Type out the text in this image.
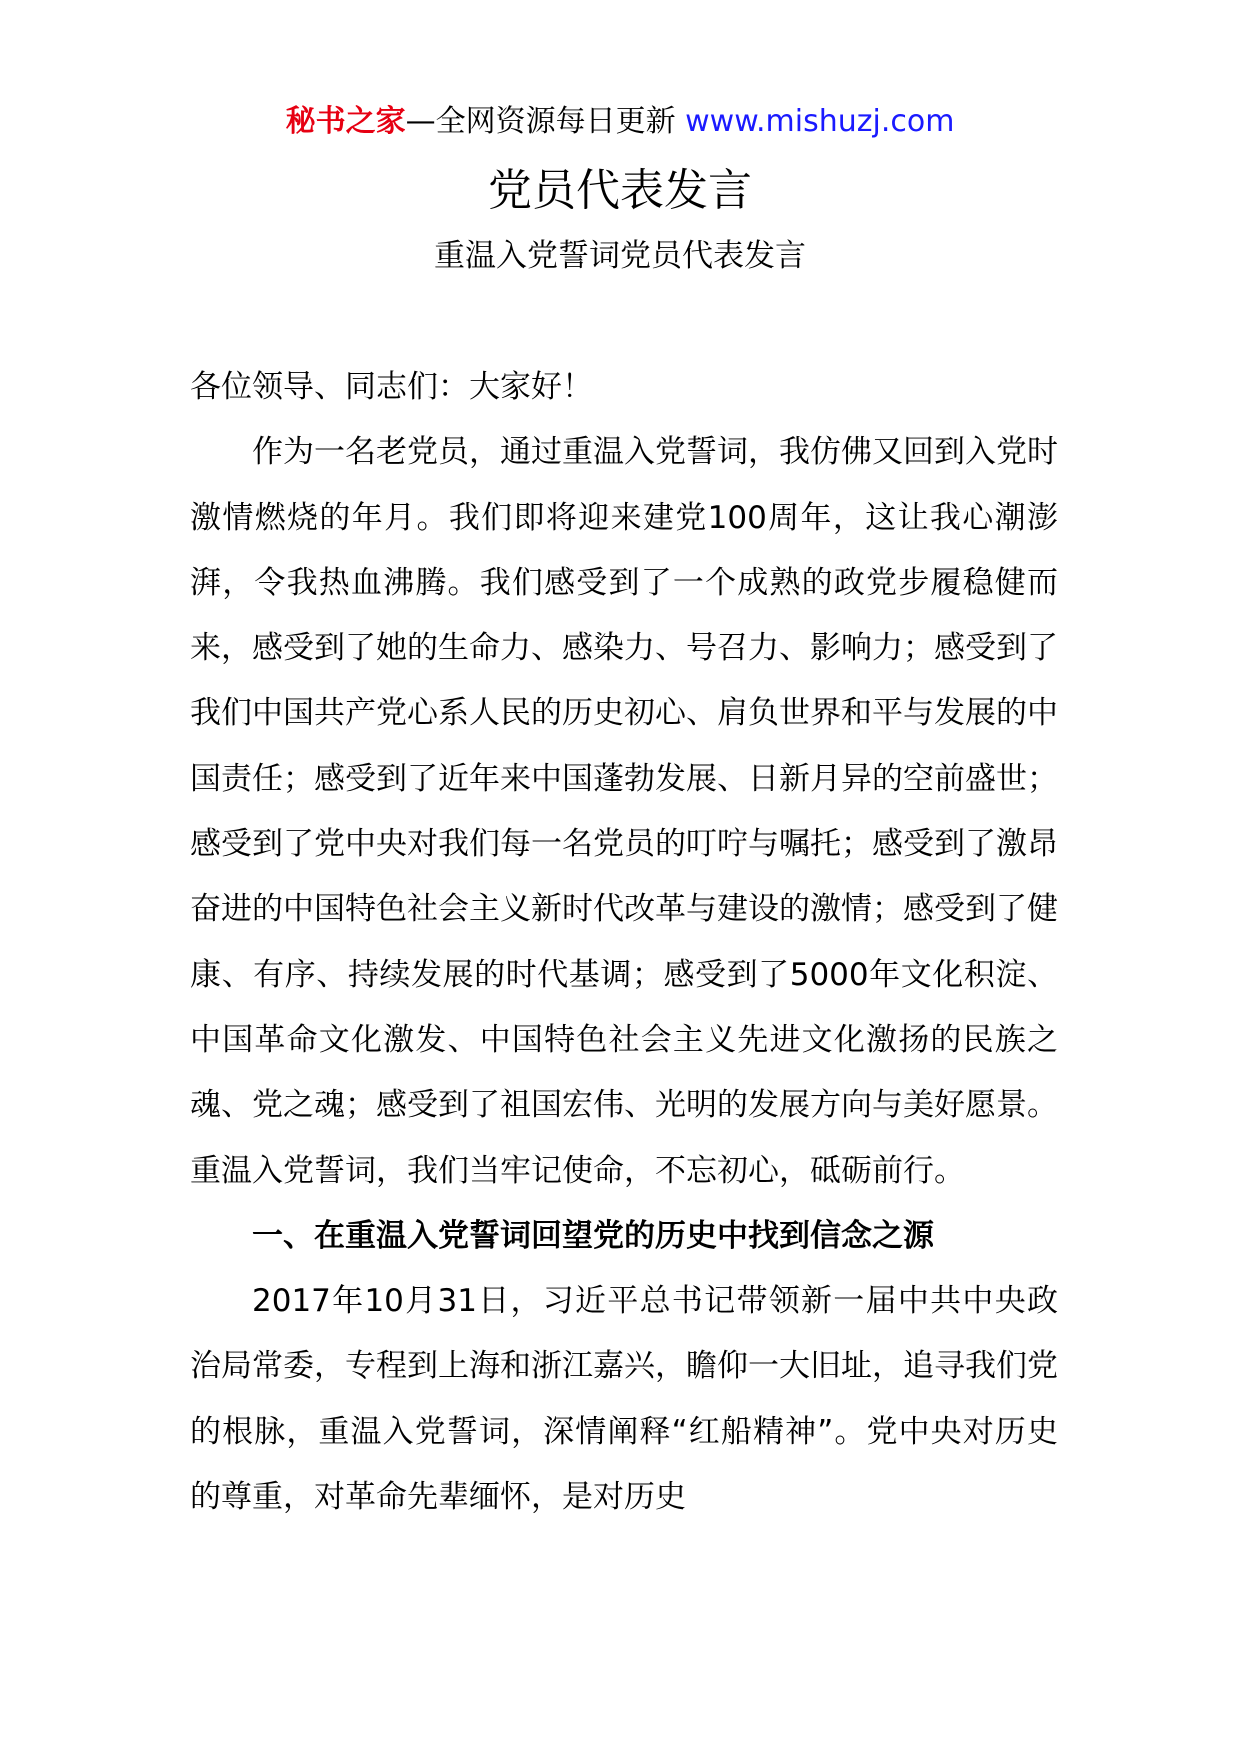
秘书之家—全网资源每日更新 www.mishuzj.com
党员代表发言
重温入党誓词党员代表发言

各位领导、同志们：大家好！

作为一名老党员，通过重温入党誓词，我仿佛又回到入党时激情燃烧的年月。我们即将迎来建党100周年，这让我心潮澎湃，令我热血沸腾。我们感受到了一个成熟的政党步履稳健而来，感受到了她的生命力、感染力、号召力、影响力；感受到了我们中国共产党心系人民的历史初心、肩负世界和平与发展的中国责任；感受到了近年来中国蓬勃发展、日新月异的空前盛世；感受到了党中央对我们每一名党员的叮咛与嘱托；感受到了激昂奋进的中国特色社会主义新时代改革与建设的激情；感受到了健康、有序、持续发展的时代基调；感受到了5000年文化积淀、中国革命文化激发、中国特色社会主义先进文化激扬的民族之魂、党之魂；感受到了祖国宏伟、光明的发展方向与美好愿景。重温入党誓词，我们当牢记使命，不忘初心，砥砺前行。

一、在重温入党誓词回望党的历史中找到信念之源

2017年10月31日，习近平总书记带领新一届中共中央政治局常委，专程到上海和浙江嘉兴，瞻仰一大旧址，追寻我们党的根脉，重温入党誓词，深情阐释“红船精神”。党中央对历史的尊重，对革命先辈缅怀，是对历史
